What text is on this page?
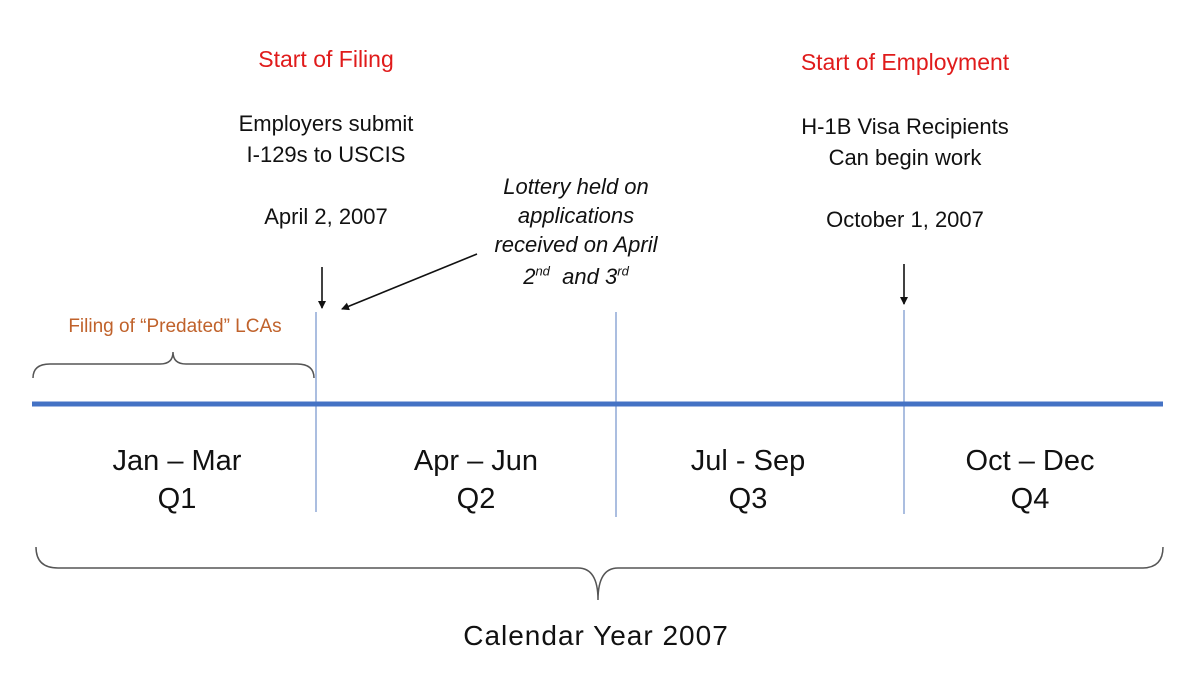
Start of Filing
Employers submit
I-129s to USCIS
April 2, 2007
Lottery held on
applications
received on April
2nd and 3rd
Start of Employment
H-1B Visa Recipients
Can begin work
October 1, 2007
Filing of “Predated” LCAs
Jan – Mar
Q1
Apr – Jun
Q2
Jul - Sep
Q3
Oct – Dec
Q4
Calendar Year 2007
